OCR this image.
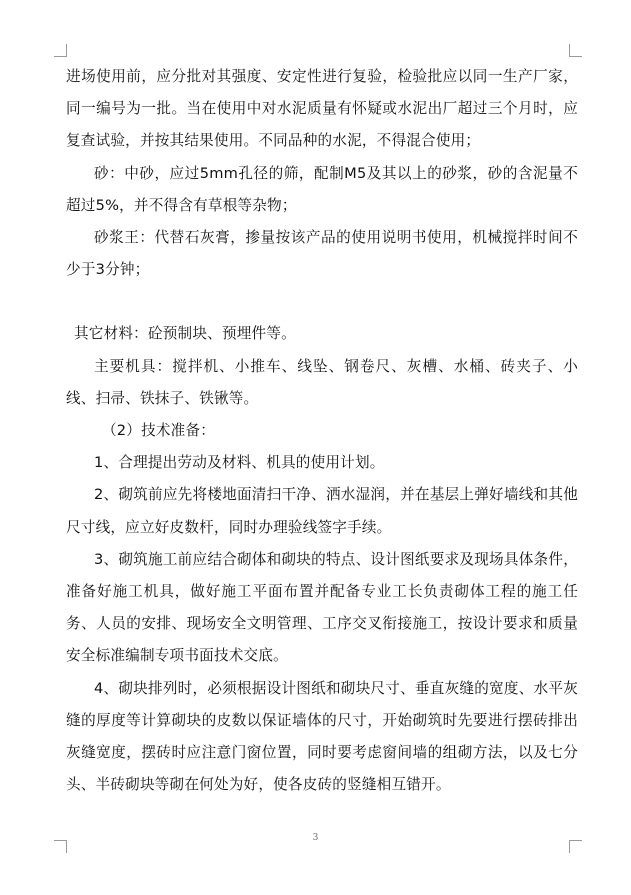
进场使用前，应分批对其强度、安定性进行复验，检验批应以同一生产厂家，同一编号为一批。当在使用中对水泥质量有怀疑或水泥出厂超过三个月时，应复查试验，并按其结果使用。不同品种的水泥，不得混合使用；

砂：中砂，应过5mm孔径的筛，配制M5及其以上的砂浆，砂的含泥量不超过5%，并不得含有草根等杂物；

砂浆王：代替石灰膏，掺量按该产品的使用说明书使用，机械搅拌时间不少于3分钟；

其它材料：砼预制块、预埋件等。

主要机具：搅拌机、小推车、线坠、钢卷尺、灰槽、水桶、砖夹子、小线、扫帚、铁抹子、铁锹等。

（2）技术准备：

1、合理提出劳动及材料、机具的使用计划。

2、砌筑前应先将楼地面清扫干净、洒水湿润，并在基层上弹好墙线和其他尺寸线，应立好皮数杆，同时办理验线签字手续。

3、砌筑施工前应结合砌体和砌块的特点、设计图纸要求及现场具体条件，准备好施工机具，做好施工平面布置并配备专业工长负责砌体工程的施工任务、人员的安排、现场安全文明管理、工序交叉衔接施工，按设计要求和质量安全标准编制专项书面技术交底。

4、砌块排列时，必须根据设计图纸和砌块尺寸、垂直灰缝的宽度、水平灰缝的厚度等计算砌块的皮数以保证墙体的尺寸，开始砌筑时先要进行摆砖排出灰缝宽度，摆砖时应注意门窗位置，同时要考虑窗间墙的组砌方法，以及七分头、半砖砌块等砌在何处为好，使各皮砖的竖缝相互错开。

3
